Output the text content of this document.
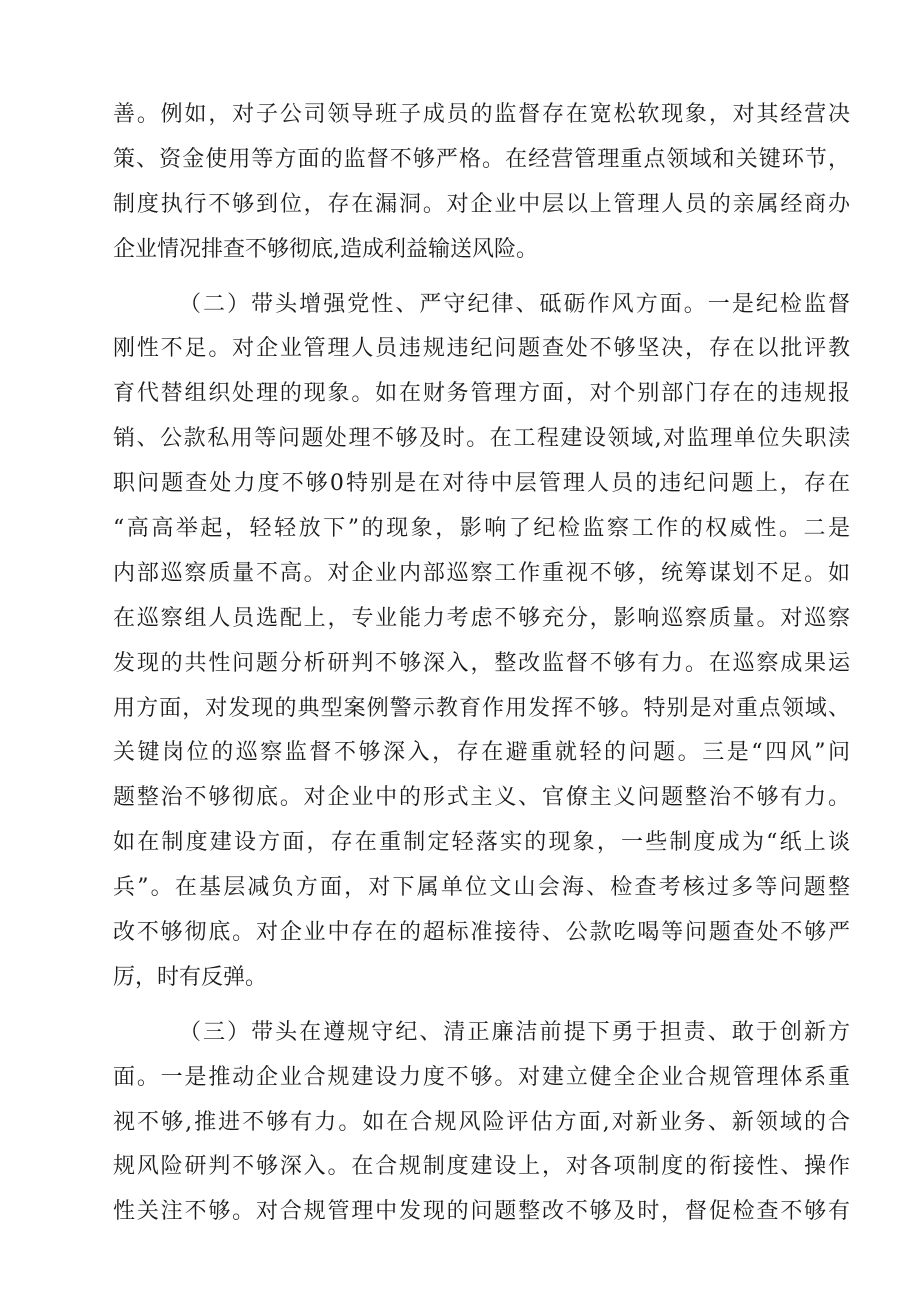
善。例如，对子公司领导班子成员的监督存在宽松软现象，对其经营决
策、资金使用等方面的监督不够严格。在经营管理重点领域和关键环节，
制度执行不够到位，存在漏洞。对企业中层以上管理人员的亲属经商办
企业情况排查不够彻底,造成利益输送风险。
（二）带头增强党性、严守纪律、砥砺作风方面。一是纪检监督
刚性不足。对企业管理人员违规违纪问题查处不够坚决，存在以批评教
育代替组织处理的现象。如在财务管理方面，对个别部门存在的违规报
销、公款私用等问题处理不够及时。在工程建设领域,对监理单位失职渎
职问题查处力度不够0特别是在对待中层管理人员的违纪问题上，存在
“高高举起，轻轻放下”的现象，影响了纪检监察工作的权威性。二是
内部巡察质量不高。对企业内部巡察工作重视不够，统筹谋划不足。如
在巡察组人员选配上，专业能力考虑不够充分，影响巡察质量。对巡察
发现的共性问题分析研判不够深入，整改监督不够有力。在巡察成果运
用方面，对发现的典型案例警示教育作用发挥不够。特别是对重点领域、
关键岗位的巡察监督不够深入，存在避重就轻的问题。三是“四风”问
题整治不够彻底。对企业中的形式主义、官僚主义问题整治不够有力。
如在制度建设方面，存在重制定轻落实的现象，一些制度成为“纸上谈
兵”。在基层减负方面，对下属单位文山会海、检查考核过多等问题整
改不够彻底。对企业中存在的超标准接待、公款吃喝等问题查处不够严
厉，时有反弹。
（三）带头在遵规守纪、清正廉洁前提下勇于担责、敢于创新方
面。一是推动企业合规建设力度不够。对建立健全企业合规管理体系重
视不够,推进不够有力。如在合规风险评估方面,对新业务、新领域的合
规风险研判不够深入。在合规制度建设上，对各项制度的衔接性、操作
性关注不够。对合规管理中发现的问题整改不够及时，督促检查不够有
